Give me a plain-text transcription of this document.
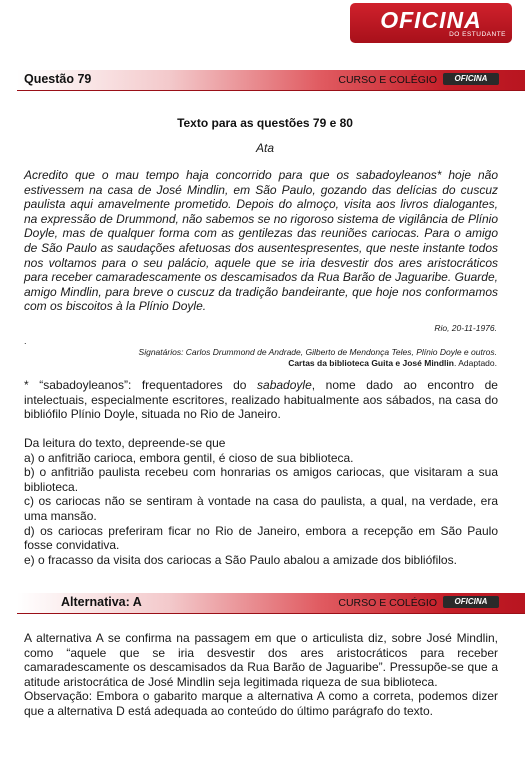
OFICINA
DO ESTUDANTE
Questão 79	CURSO E COLÉGIO	OFICINA
Texto para as questões 79 e 80
Ata

Acredito que o mau tempo haja concorrido para que os sabadoyleanos* hoje não estivessem na casa de José Mindlin, em São Paulo, gozando das delícias do cuscuz paulista aqui amavelmente prometido. Depois do almoço, visita aos livros dialogantes, na expressão de Drummond, não sabemos se no rigoroso sistema de vigilância de Plínio Doyle, mas de qualquer forma com as gentilezas das reuniões cariocas. Para o amigo de São Paulo as saudações afetuosas dos ausentespresentes, que neste instante todos nos voltamos para o seu palácio, aquele que se iria desvestir dos ares aristocráticos para receber camaradescamente os descamisados da Rua Barão de Jaguaribe. Guarde, amigo Mindlin, para breve o cuscuz da tradição bandeirante, que hoje nos conformamos com os biscoitos à la Plínio Doyle.

Rio, 20-11-1976.
.
Signatários: Carlos Drummond de Andrade, Gilberto de Mendonça Teles, Plínio Doyle e outros.
Cartas da biblioteca Guita e José Mindlin. Adaptado.

* “sabadoyleanos”: frequentadores do sabadoyle, nome dado ao encontro de intelectuais, especialmente escritores, realizado habitualmente aos sábados, na casa do bibliófilo Plínio Doyle, situada no Rio de Janeiro.

Da leitura do texto, depreende-se que
a) o anfitrião carioca, embora gentil, é cioso de sua biblioteca.
b) o anfitrião paulista recebeu com honrarias os amigos cariocas, que visitaram a sua biblioteca.
c) os cariocas não se sentiram à vontade na casa do paulista, a qual, na verdade, era uma mansão.
d) os cariocas preferiram ficar no Rio de Janeiro, embora a recepção em São Paulo fosse convidativa.
e) o fracasso da visita dos cariocas a São Paulo abalou a amizade dos bibliófilos.
Alternativa: A	CURSO E COLÉGIO	OFICINA
A alternativa A se confirma na passagem em que o articulista diz, sobre José Mindlin, como “aquele que se iria desvestir dos ares aristocráticos para receber camaradescamente os descamisados da Rua Barão de Jaguaribe”. Pressupõe-se que a atitude aristocrática de José Mindlin seja legitimada riqueza de sua biblioteca.
Observação: Embora o gabarito marque a alternativa A como a correta, podemos dizer que a alternativa D está adequada ao conteúdo do último parágrafo do texto.
